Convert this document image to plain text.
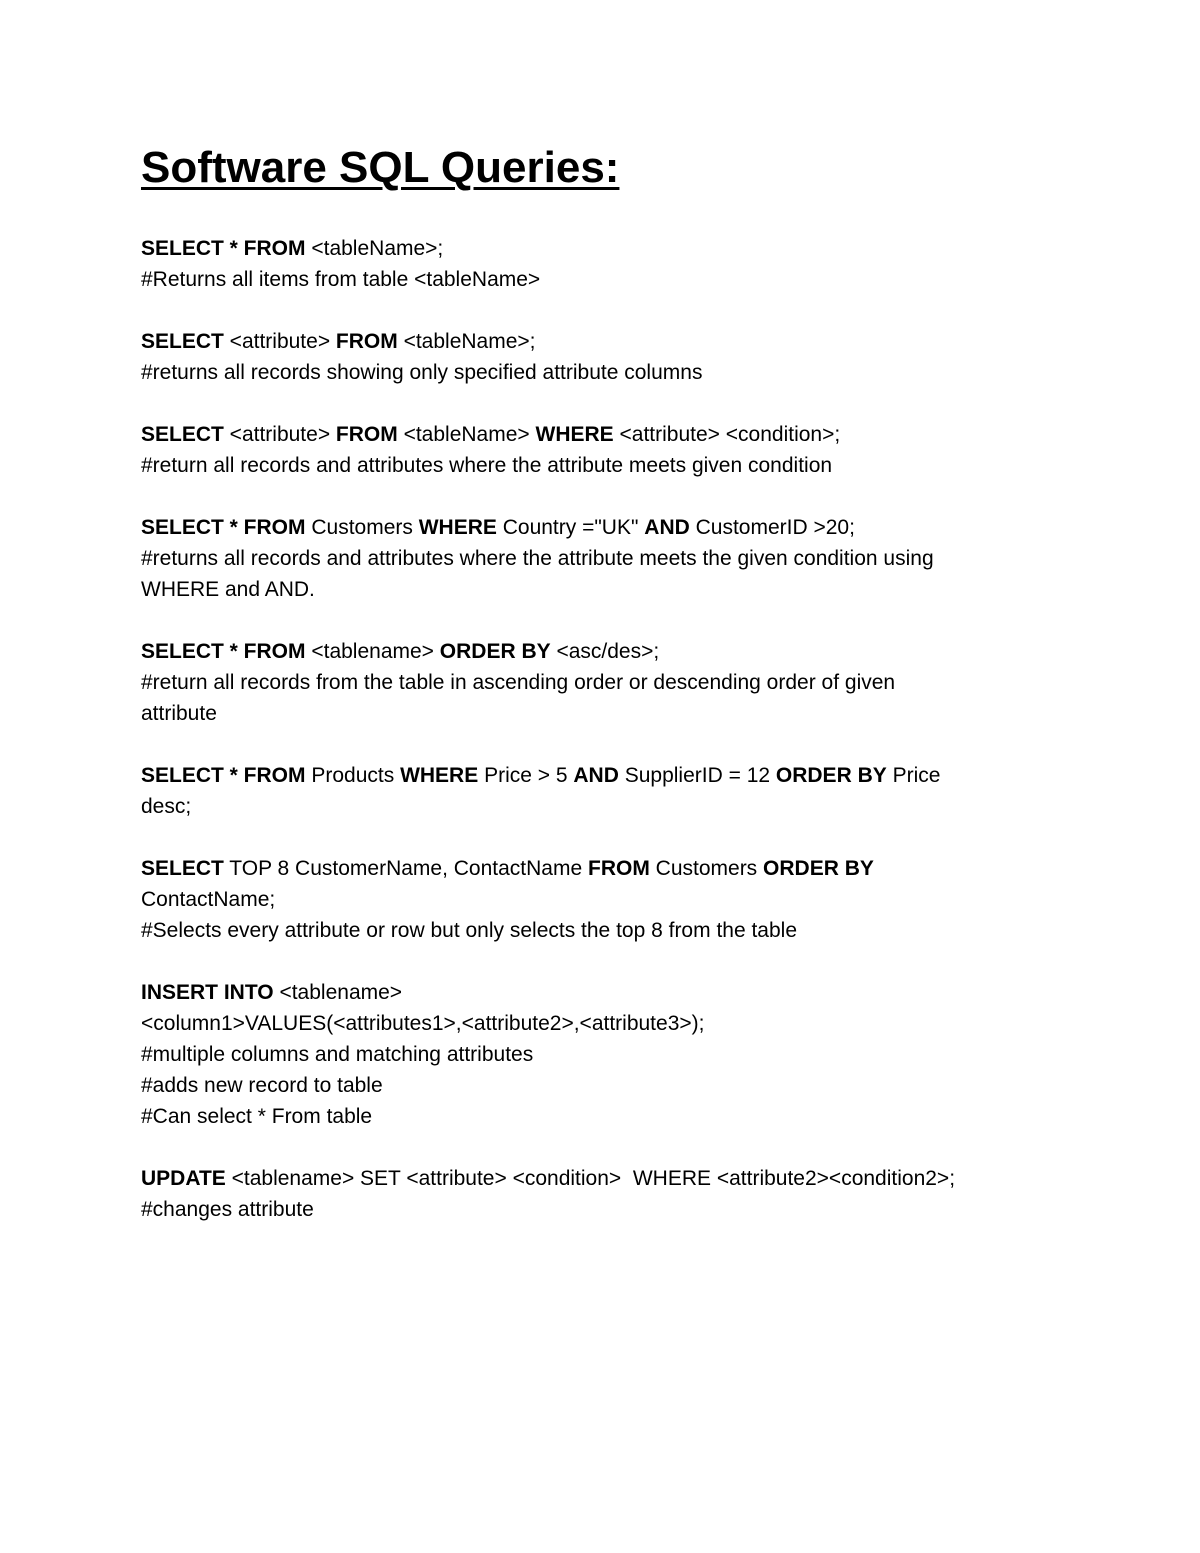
Software SQL Queries:
SELECT * FROM <tableName>;
#Returns all items from table <tableName>
SELECT <attribute> FROM <tableName>;
#returns all records showing only specified attribute columns
SELECT <attribute> FROM <tableName> WHERE <attribute> <condition>;
#return all records and attributes where the attribute meets given condition
SELECT * FROM Customers WHERE Country ="UK" AND CustomerID >20;
#returns all records and attributes where the attribute meets the given condition using
WHERE and AND.
SELECT * FROM <tablename> ORDER BY <asc/des>;
#return all records from the table in ascending order or descending order of given
attribute
SELECT * FROM Products WHERE Price > 5 AND SupplierID = 12 ORDER BY Price
desc;
SELECT TOP 8 CustomerName, ContactName FROM Customers ORDER BY
ContactName;
#Selects every attribute or row but only selects the top 8 from the table
INSERT INTO <tablename>
<column1>VALUES(<attributes1>,<attribute2>,<attribute3>);
#multiple columns and matching attributes
#adds new record to table
#Can select * From table
UPDATE <tablename> SET <attribute> <condition>  WHERE <attribute2><condition2>;
#changes attribute
